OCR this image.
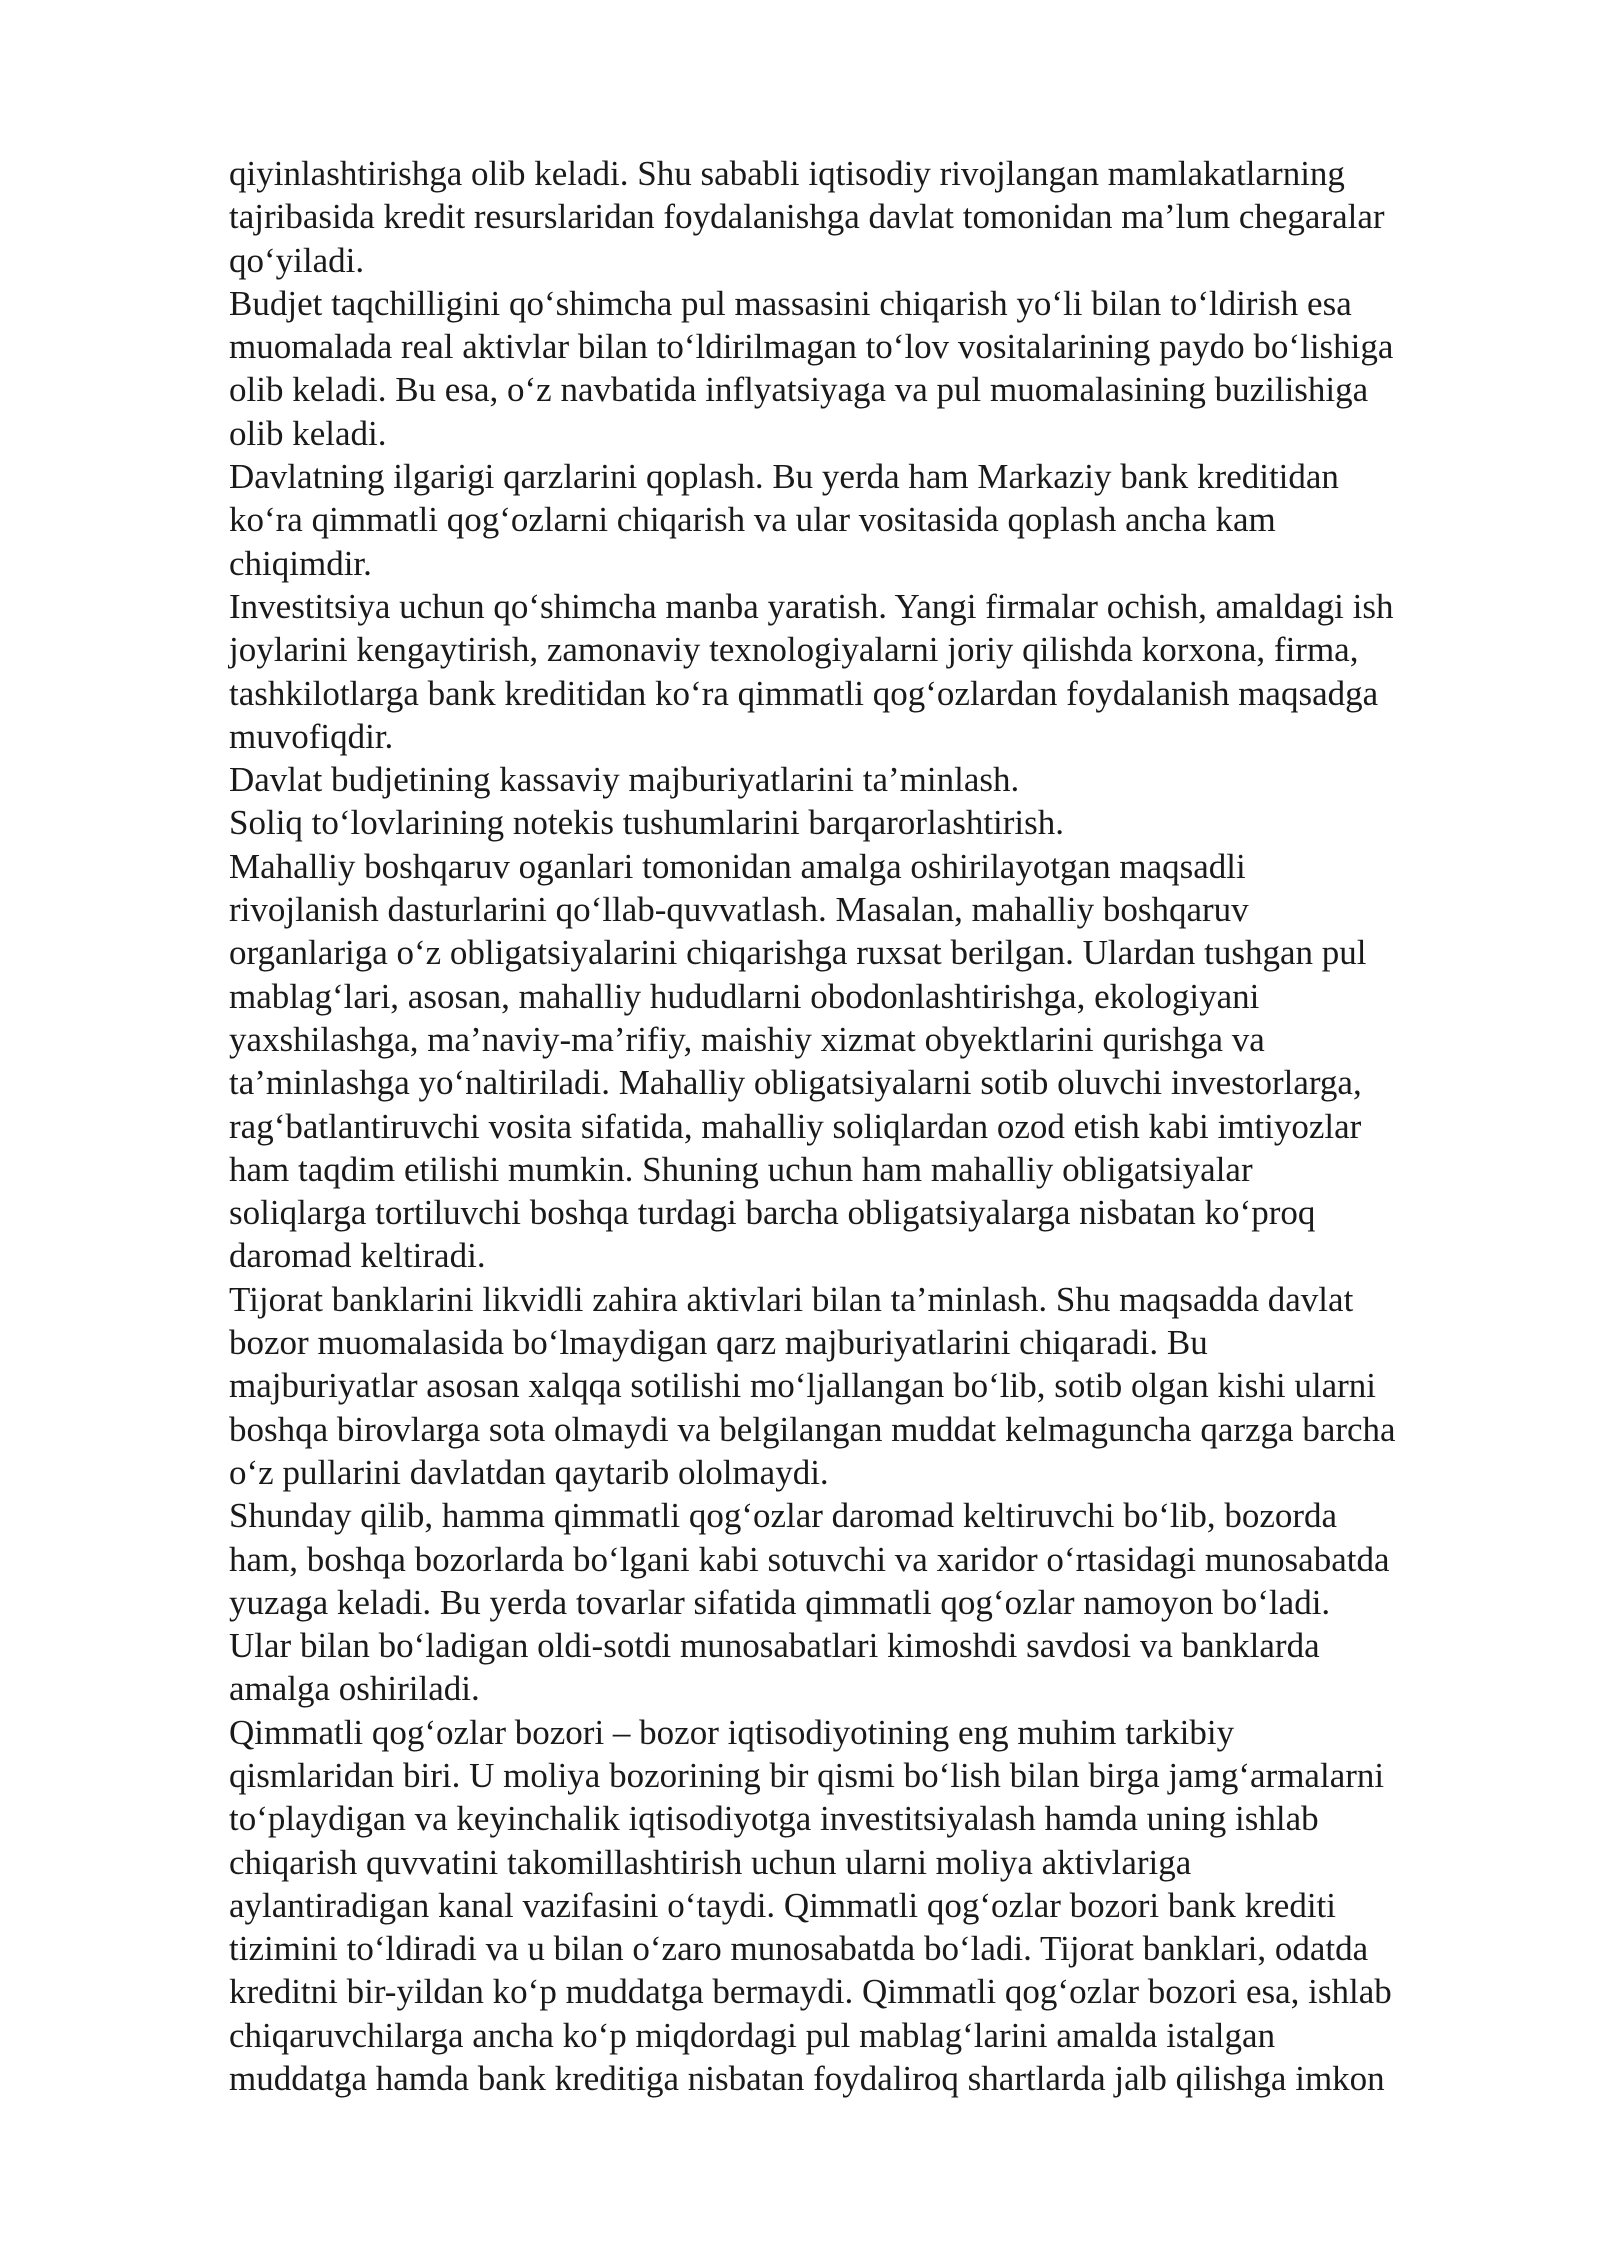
qiyinlashtirishga olib keladi. Shu sababli iqtisodiy rivojlangan mamlakatlarning
tajribasida kredit resurslaridan foydalanishga davlat tomonidan ma’lum chegaralar
qo‘yiladi.
Budjet taqchilligini qo‘shimcha pul massasini chiqarish yo‘li bilan to‘ldirish esa
muomalada real aktivlar bilan to‘ldirilmagan to‘lov vositalarining paydo bo‘lishiga
olib keladi. Bu esa, o‘z navbatida inflyatsiyaga va pul muomalasining buzilishiga
olib keladi.
Davlatning ilgarigi qarzlarini qoplash. Bu yerda ham Markaziy bank kreditidan
ko‘ra qimmatli qog‘ozlarni chiqarish va ular vositasida qoplash ancha kam
chiqimdir.
Investitsiya uchun qo‘shimcha manba yaratish. Yangi firmalar ochish, amaldagi ish
joylarini kengaytirish, zamonaviy texnologiyalarni joriy qilishda korxona, firma,
tashkilotlarga bank kreditidan ko‘ra qimmatli qog‘ozlardan foydalanish maqsadga
muvofiqdir.
Davlat budjetining kassaviy majburiyatlarini ta’minlash.
Soliq to‘lovlarining notekis tushumlarini barqarorlashtirish.
Mahalliy boshqaruv oganlari tomonidan amalga oshirilayotgan maqsadli
rivojlanish dasturlarini qo‘llab-quvvatlash. Masalan, mahalliy boshqaruv
organlariga o‘z obligatsiyalarini chiqarishga ruxsat berilgan. Ulardan tushgan pul
mablag‘lari, asosan, mahalliy hududlarni obodonlashtirishga, ekologiyani
yaxshilashga, ma’naviy-ma’rifiy, maishiy xizmat obyektlarini qurishga va
ta’minlashga yo‘naltiriladi. Mahalliy obligatsiyalarni sotib oluvchi investorlarga,
rag‘batlantiruvchi vosita sifatida, mahalliy soliqlardan ozod etish kabi imtiyozlar
ham taqdim etilishi mumkin. Shuning uchun ham mahalliy obligatsiyalar
soliqlarga tortiluvchi boshqa turdagi barcha obligatsiyalarga nisbatan ko‘proq
daromad keltiradi.
Tijorat banklarini likvidli zahira aktivlari bilan ta’minlash. Shu maqsadda davlat
bozor muomalasida bo‘lmaydigan qarz majburiyatlarini chiqaradi. Bu
majburiyatlar asosan xalqqa sotilishi mo‘ljallangan bo‘lib, sotib olgan kishi ularni
boshqa birovlarga sota olmaydi va belgilangan muddat kelmaguncha qarzga barcha
o‘z pullarini davlatdan qaytarib ololmaydi.
Shunday qilib, hamma qimmatli qog‘ozlar daromad keltiruvchi bo‘lib, bozorda
ham, boshqa bozorlarda bo‘lgani kabi sotuvchi va xaridor o‘rtasidagi munosabatda
yuzaga keladi. Bu yerda tovarlar sifatida qimmatli qog‘ozlar namoyon bo‘ladi.
Ular bilan bo‘ladigan oldi-sotdi munosabatlari kimoshdi savdosi va banklarda
amalga oshiriladi.
Qimmatli qog‘ozlar bozori – bozor iqtisodiyotining eng muhim tarkibiy
qismlaridan biri. U moliya bozorining bir qismi bo‘lish bilan birga jamg‘armalarni
to‘playdigan va keyinchalik iqtisodiyotga investitsiyalash hamda uning ishlab
chiqarish quvvatini takomillashtirish uchun ularni moliya aktivlariga
aylantiradigan kanal vazifasini o‘taydi. Qimmatli qog‘ozlar bozori bank krediti
tizimini to‘ldiradi va u bilan o‘zaro munosabatda bo‘ladi. Tijorat banklari, odatda
kreditni bir-yildan ko‘p muddatga bermaydi. Qimmatli qog‘ozlar bozori esa, ishlab
chiqaruvchilarga ancha ko‘p miqdordagi pul mablag‘larini amalda istalgan
muddatga hamda bank kreditiga nisbatan foydaliroq shartlarda jalb qilishga imkon
